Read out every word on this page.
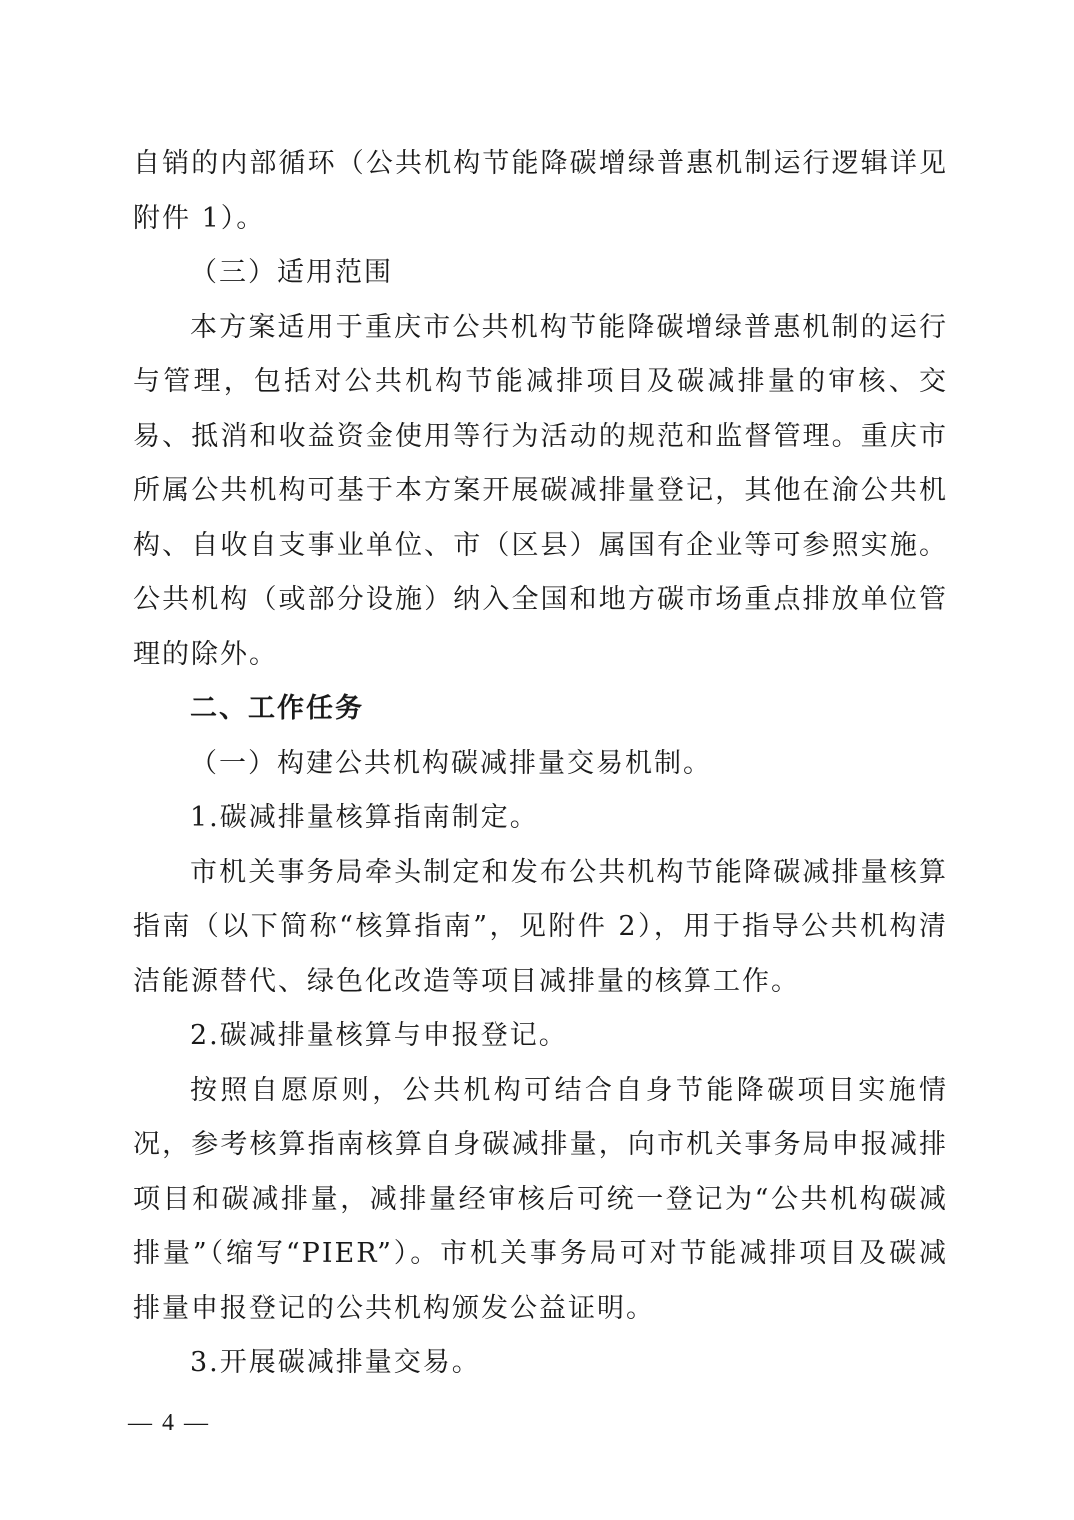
自销的内部循环（公共机构节能降碳增绿普惠机制运行逻辑详见附件 1）。

（三）适用范围

本方案适用于重庆市公共机构节能降碳增绿普惠机制的运行与管理，包括对公共机构节能减排项目及碳减排量的审核、交易、抵消和收益资金使用等行为活动的规范和监督管理。重庆市所属公共机构可基于本方案开展碳减排量登记，其他在渝公共机构、自收自支事业单位、市（区县）属国有企业等可参照实施。公共机构（或部分设施）纳入全国和地方碳市场重点排放单位管理的除外。

二、工作任务

（一）构建公共机构碳减排量交易机制。

1.碳减排量核算指南制定。

市机关事务局牵头制定和发布公共机构节能降碳减排量核算指南（以下简称“核算指南”，见附件 2），用于指导公共机构清洁能源替代、绿色化改造等项目减排量的核算工作。

2.碳减排量核算与申报登记。

按照自愿原则，公共机构可结合自身节能降碳项目实施情况，参考核算指南核算自身碳减排量，向市机关事务局申报减排项目和碳减排量，减排量经审核后可统一登记为“公共机构碳减排量”（缩写“PIER”）。市机关事务局可对节能减排项目及碳减排量申报登记的公共机构颁发公益证明。

3.开展碳减排量交易。

— 4 —
